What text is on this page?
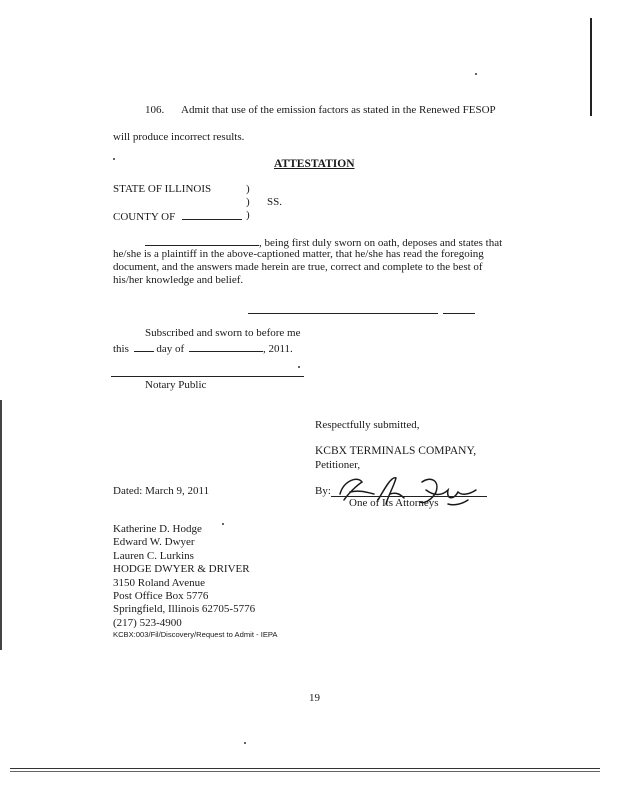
106. Admit that use of the emission factors as stated in the Renewed FESOP
will produce incorrect results.
ATTESTATION
STATE OF ILLINOIS	)
) SS.
COUNTY OF	)
, being first duly sworn on oath, deposes and states that
he/she is a plaintiff in the above-captioned matter, that he/she has read the foregoing
document, and the answers made herein are true, correct and complete to the best of
his/her knowledge and belief.
Subscribed and sworn to before me
this	day of	, 2011.
Notary Public
Respectfully submitted,
KCBX TERMINALS COMPANY,
Petitioner,
Dated: March 9, 2011	By:
One of Its Attorneys
Katherine D. Hodge
Edward W. Dwyer
Lauren C. Lurkins
HODGE DWYER & DRIVER
3150 Roland Avenue
Post Office Box 5776
Springfield, Illinois 62705-5776
(217) 523-4900
KCBX:003/Fil/Discovery/Request to Admit - IEPA
19
